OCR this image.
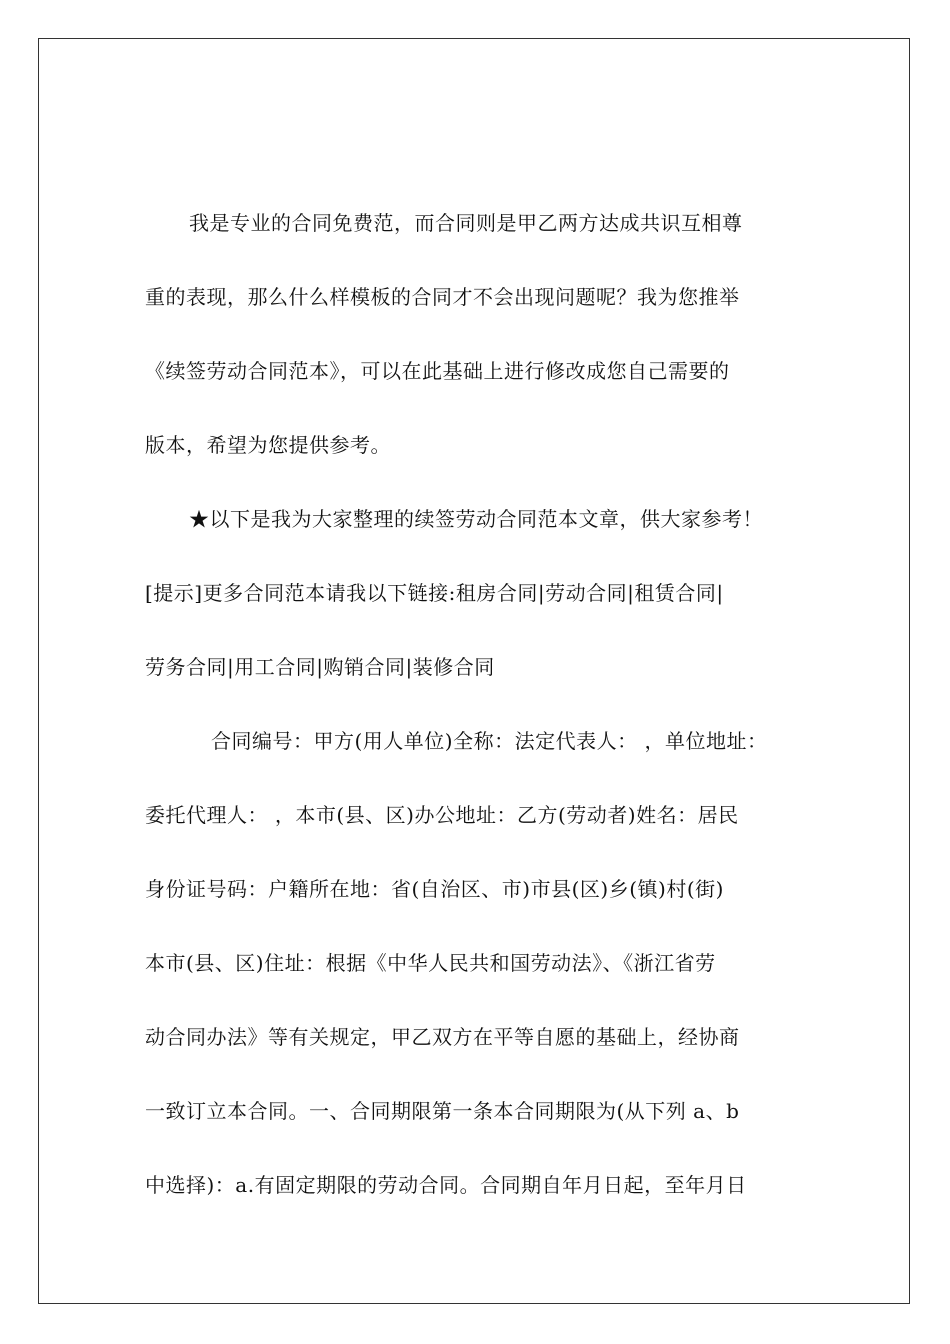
我是专业的合同免费范，而合同则是甲乙两方达成共识互相尊
重的表现，那么什么样模板的合同才不会出现问题呢？我为您推举
《续签劳动合同范本》，可以在此基础上进行修改成您自己需要的
版本，希望为您提供参考。
★以下是我为大家整理的续签劳动合同范本文章，供大家参考！
[提示]更多合同范本请我以下链接:租房合同|劳动合同|租赁合同|
劳务合同|用工合同|购销合同|装修合同
合同编号：甲方(用人单位)全称：法定代表人： ，单位地址：
委托代理人： ，本市(县、区)办公地址：乙方(劳动者)姓名：居民
身份证号码：户籍所在地：省(自治区、市)市县(区)乡(镇)村(街)
本市(县、区)住址：根据《中华人民共和国劳动法》、《浙江省劳
动合同办法》等有关规定，甲乙双方在平等自愿的基础上，经协商
一致订立本合同。一、合同期限第一条本合同期限为(从下列 a、b
中选择)：a.有固定期限的劳动合同。合同期自年月日起，至年月日
